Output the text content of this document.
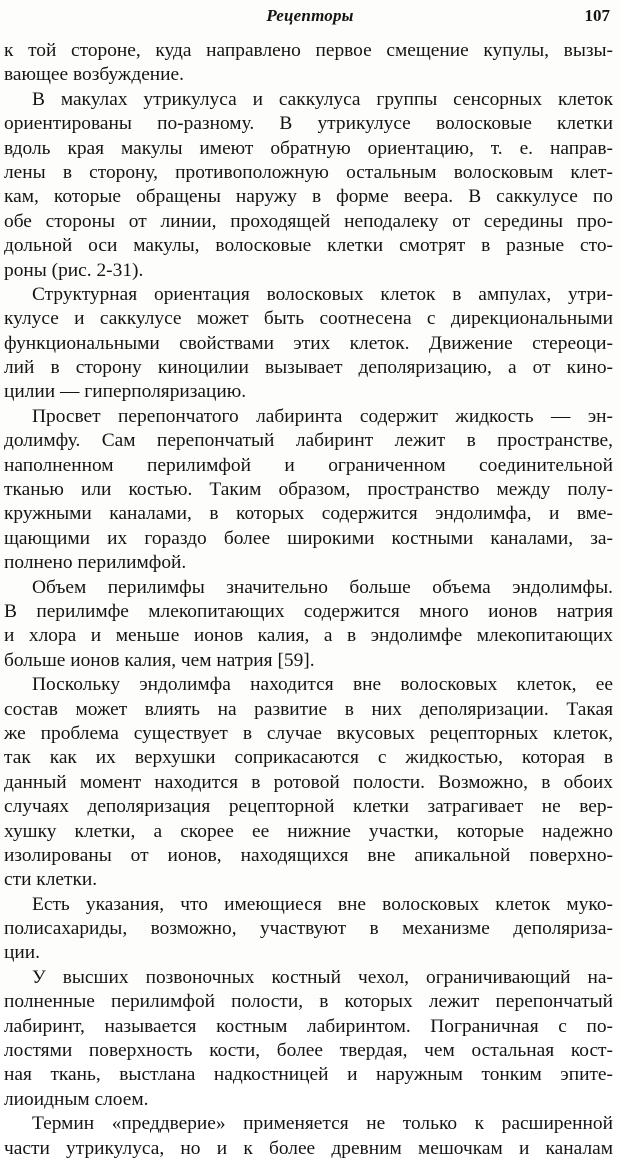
Рецепторы	107
к той стороне, куда направлено первое смещение купулы, вызы-
вающее возбуждение.
В макулах утрикулуса и саккулуса группы сенсорных клеток
ориентированы по-разному. В утрикулусе волосковые клетки
вдоль края макулы имеют обратную ориентацию, т. е. направ-
лены в сторону, противоположную остальным волосковым клет-
кам, которые обращены наружу в форме веера. В саккулусе по
обе стороны от линии, проходящей неподалеку от середины про-
дольной оси макулы, волосковые клетки смотрят в разные сто-
роны (рис. 2-31).
Структурная ориентация волосковых клеток в ампулах, утри-
кулусе и саккулусе может быть соотнесена с дирекциональными
функциональными свойствами этих клеток. Движение стереоци-
лий в сторону киноцилии вызывает деполяризацию, а от кино-
цилии — гиперполяризацию.
Просвет перепончатого лабиринта содержит жидкость — эн-
долимфу. Сам перепончатый лабиринт лежит в пространстве,
наполненном перилимфой и ограниченном соединительной
тканью или костью. Таким образом, пространство между полу-
кружными каналами, в которых содержится эндолимфа, и вме-
щающими их гораздо более широкими костными каналами, за-
полнено перилимфой.
Объем перилимфы значительно больше объема эндолимфы.
В перилимфе млекопитающих содержится много ионов натрия
и хлора и меньше ионов калия, а в эндолимфе млекопитающих
больше ионов калия, чем натрия [59].
Поскольку эндолимфа находится вне волосковых клеток, ее
состав может влиять на развитие в них деполяризации. Такая
же проблема существует в случае вкусовых рецепторных клеток,
так как их верхушки соприкасаются с жидкостью, которая в
данный момент находится в ротовой полости. Возможно, в обоих
случаях деполяризация рецепторной клетки затрагивает не вер-
хушку клетки, а скорее ее нижние участки, которые надежно
изолированы от ионов, находящихся вне апикальной поверхно-
сти клетки.
Есть указания, что имеющиеся вне волосковых клеток муко-
полисахариды, возможно, участвуют в механизме деполяриза-
ции.
У высших позвоночных костный чехол, ограничивающий на-
полненные перилимфой полости, в которых лежит перепончатый
лабиринт, называется костным лабиринтом. Пограничная с по-
лостями поверхность кости, более твердая, чем остальная кост-
ная ткань, выстлана надкостницей и наружным тонким эпите-
лиоидным слоем.
Термин «преддверие» применяется не только к расширенной
части утрикулуса, но и к более древним мешочкам и каналам
